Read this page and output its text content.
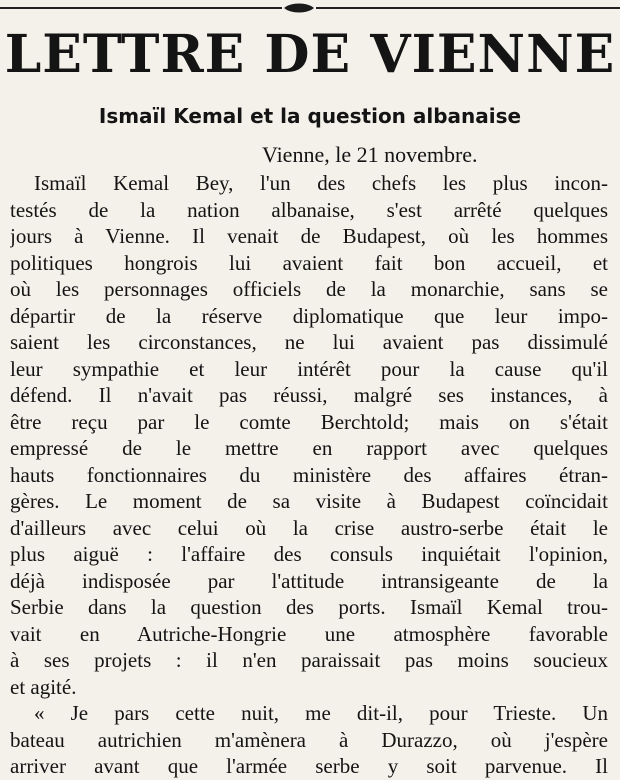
LETTRE DE VIENNE
Ismaïl Kemal et la question albanaise
Vienne, le 21 novembre.
Ismaïl Kemal Bey, l'un des chefs les plus incon-
testés de la nation albanaise, s'est arrêté quelques
jours à Vienne. Il venait de Budapest, où les hommes
politiques hongrois lui avaient fait bon accueil, et
où les personnages officiels de la monarchie, sans se
départir de la réserve diplomatique que leur impo-
saient les circonstances, ne lui avaient pas dissimulé
leur sympathie et leur intérêt pour la cause qu'il
défend. Il n'avait pas réussi, malgré ses instances, à
être reçu par le comte Berchtold; mais on s'était
empressé de le mettre en rapport avec quelques
hauts fonctionnaires du ministère des affaires étran-
gères. Le moment de sa visite à Budapest coïncidait
d'ailleurs avec celui où la crise austro-serbe était le
plus aiguë : l'affaire des consuls inquiétait l'opinion,
déjà indisposée par l'attitude intransigeante de la
Serbie dans la question des ports. Ismaïl Kemal trou-
vait en Autriche-Hongrie une atmosphère favorable
à ses projets : il n'en paraissait pas moins soucieux
et agité.
« Je pars cette nuit, me dit-il, pour Trieste. Un
bateau autrichien m'amènera à Durazzo, où j'espère
arriver avant que l'armée serbe y soit parvenue. Il
